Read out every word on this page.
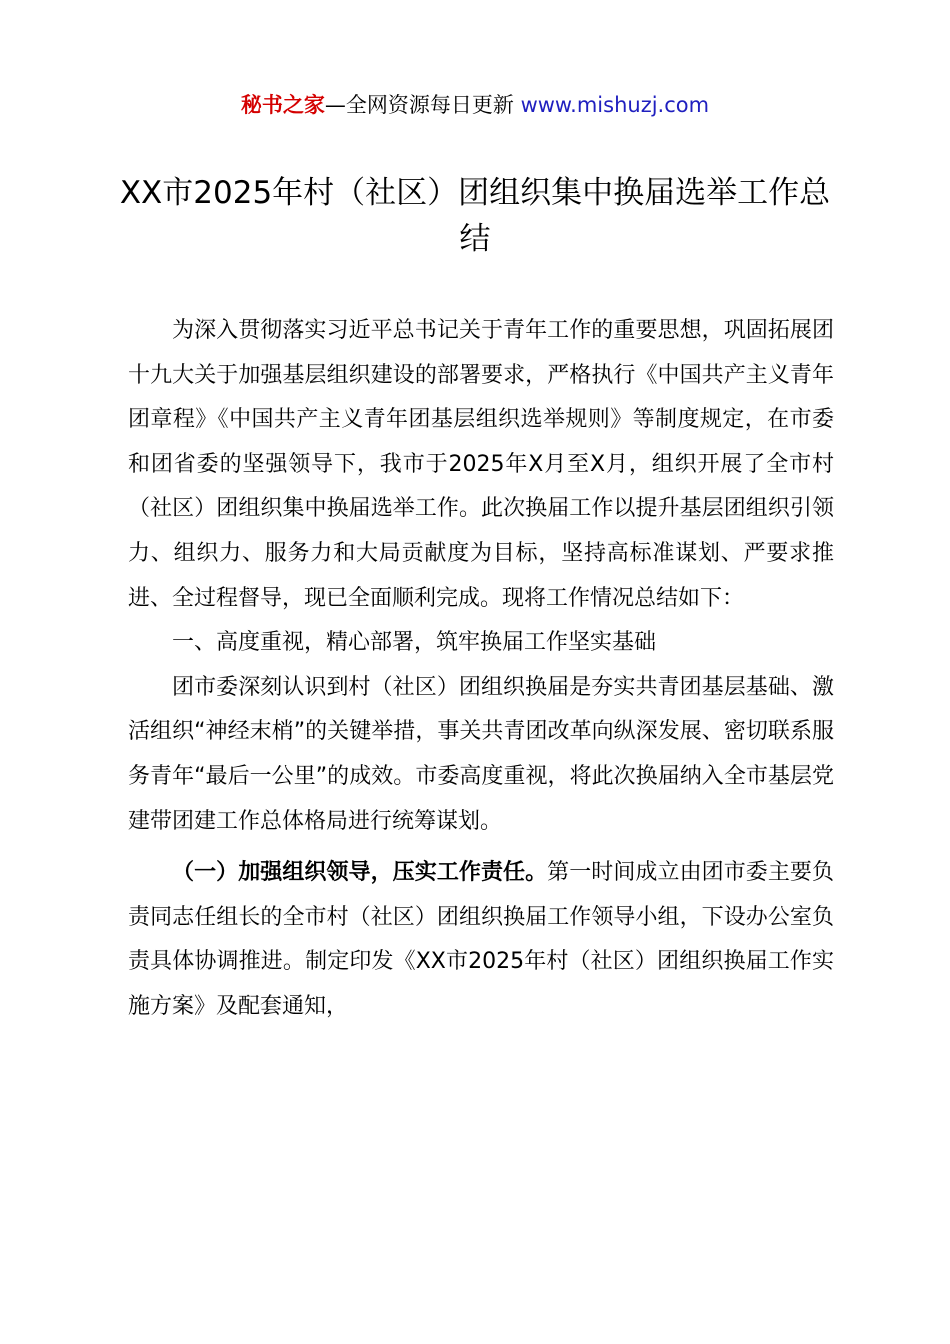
秘书之家—全网资源每日更新 www.mishuzj.com
XX市2025年村（社区）团组织集中换届选举工作总结

为深入贯彻落实习近平总书记关于青年工作的重要思想，巩固拓展团十九大关于加强基层组织建设的部署要求，严格执行《中国共产主义青年团章程》《中国共产主义青年团基层组织选举规则》等制度规定，在市委和团省委的坚强领导下，我市于2025年X月至X月，组织开展了全市村（社区）团组织集中换届选举工作。此次换届工作以提升基层团组织引领力、组织力、服务力和大局贡献度为目标，坚持高标准谋划、严要求推进、全过程督导，现已全面顺利完成。现将工作情况总结如下：

一、高度重视，精心部署，筑牢换届工作坚实基础

团市委深刻认识到村（社区）团组织换届是夯实共青团基层基础、激活组织“神经末梢”的关键举措，事关共青团改革向纵深发展、密切联系服务青年“最后一公里”的成效。市委高度重视，将此次换届纳入全市基层党建带团建工作总体格局进行统筹谋划。

（一）加强组织领导，压实工作责任。第一时间成立由团市委主要负责同志任组长的全市村（社区）团组织换届工作领导小组，下设办公室负责具体协调推进。制定印发《XX市2025年村（社区）团组织换届工作实施方案》及配套通知，
